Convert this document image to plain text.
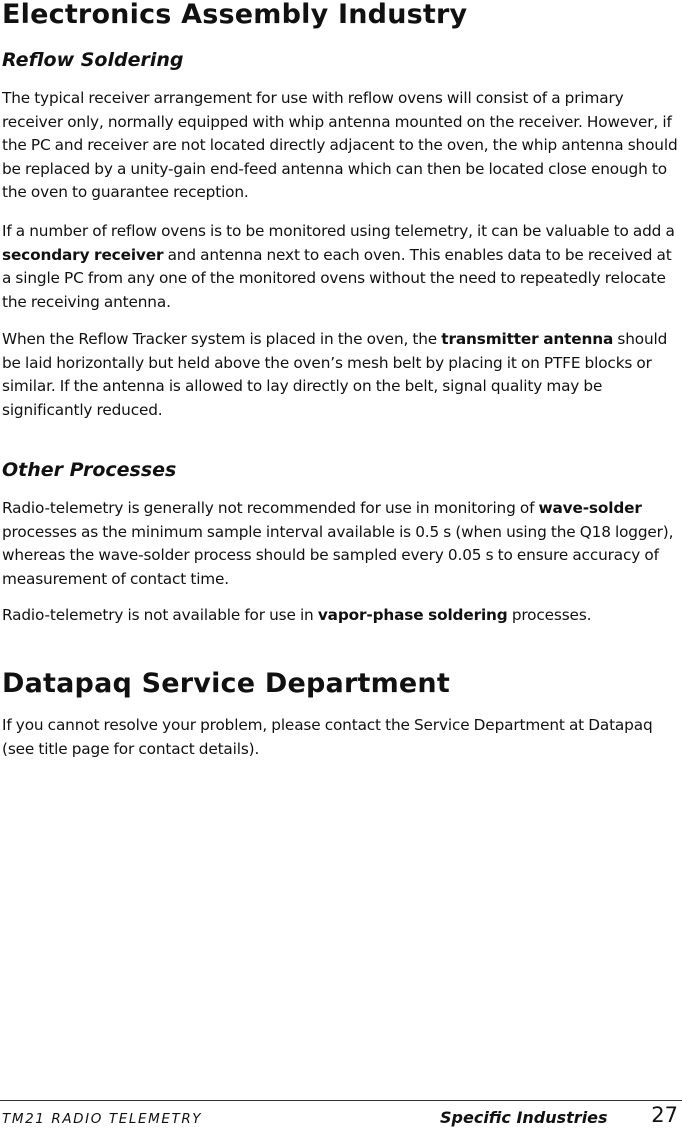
Electronics Assembly Industry
Reflow Soldering

The typical receiver arrangement for use with reflow ovens will consist of a primary receiver only, normally equipped with whip antenna mounted on the receiver. However, if the PC and receiver are not located directly adjacent to the oven, the whip antenna should be replaced by a unity-gain end-feed antenna which can then be located close enough to the oven to guarantee reception.

If a number of reflow ovens is to be monitored using telemetry, it can be valuable to add a secondary receiver and antenna next to each oven. This enables data to be received at a single PC from any one of the monitored ovens without the need to repeatedly relocate the receiving antenna.

When the Reflow Tracker system is placed in the oven, the transmitter antenna should be laid horizontally but held above the oven’s mesh belt by placing it on PTFE blocks or similar. If the antenna is allowed to lay directly on the belt, signal quality may be significantly reduced.

Other Processes

Radio-telemetry is generally not recommended for use in monitoring of wave-solder processes as the minimum sample interval available is 0.5 s (when using the Q18 logger), whereas the wave-solder process should be sampled every 0.05 s to ensure accuracy of measurement of contact time.

Radio-telemetry is not available for use in vapor-phase soldering processes.

Datapaq Service Department

If you cannot resolve your problem, please contact the Service Department at Datapaq (see title page for contact details).

TM21 RADIO TELEMETRY	Specific Industries 27
